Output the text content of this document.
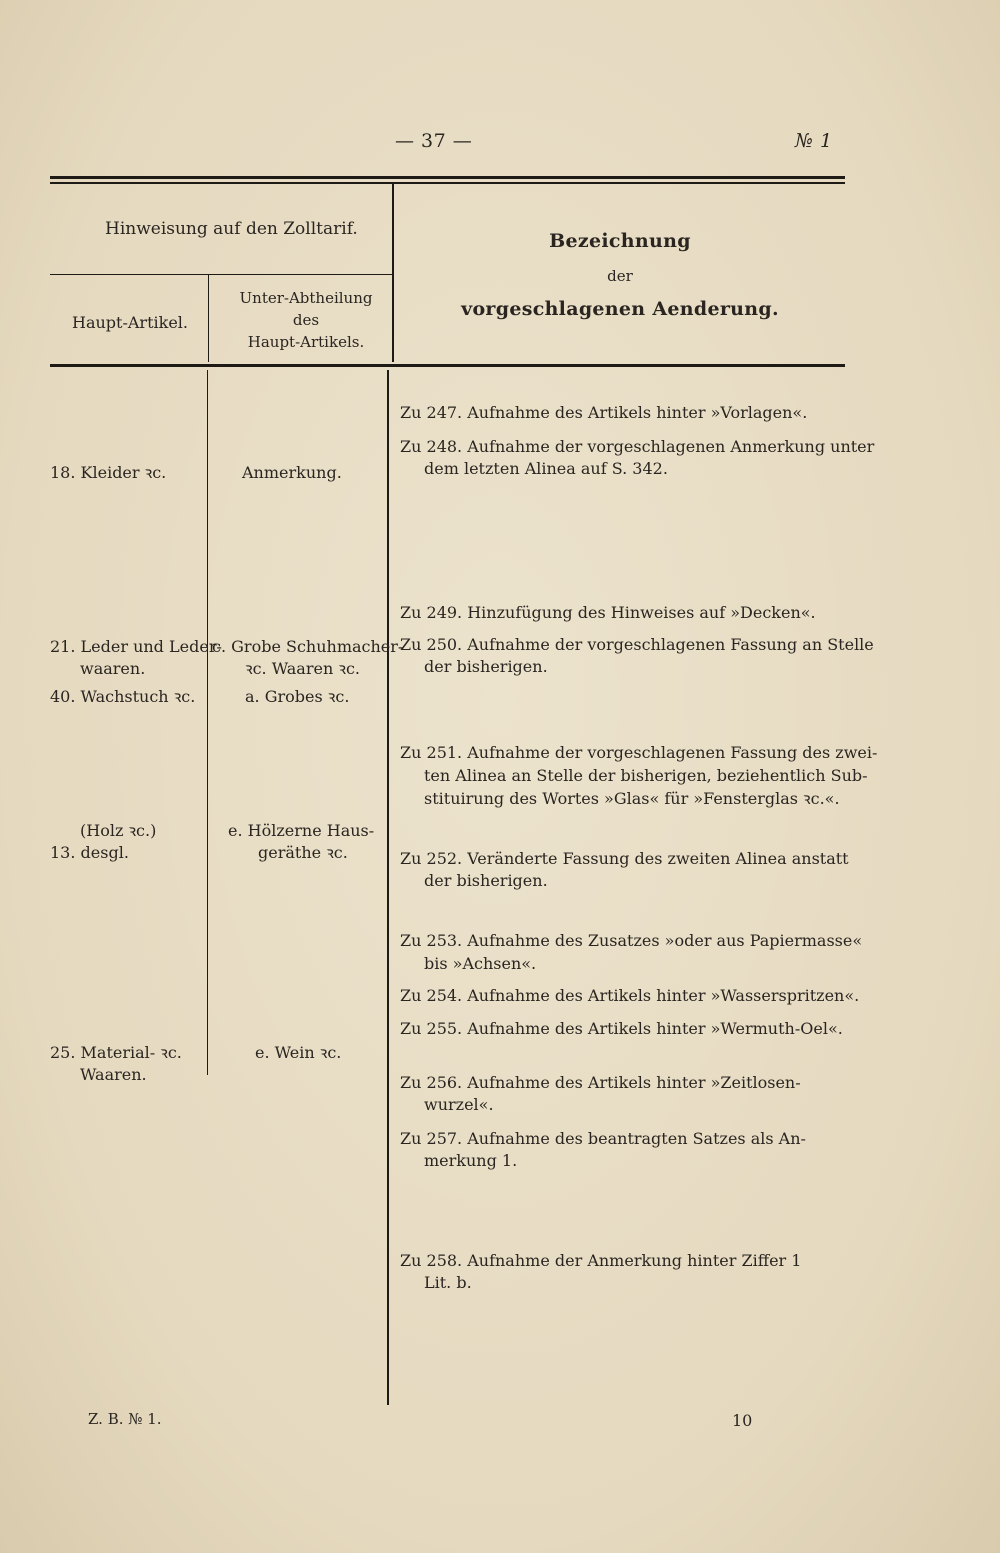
— 37 —	№ 1
Hinweisung auf den Zolltarif.
Haupt-Artikel.
Unter-Abtheilung
des
Haupt-Artikels.
Bezeichnung
der
vorgeschlagenen Aenderung.
18. Kleider ꝛc.
21. Leder und Leder-
waaren.
40. Wachstuch ꝛc.
(Holz ꝛc.)
13. desgl.
25. Material- ꝛc.
Waaren.
Anmerkung.
c. Grobe Schuhmacher-
ꝛc. Waaren ꝛc.
a. Grobes ꝛc.
e. Hölzerne Haus-
geräthe ꝛc.
e. Wein ꝛc.
Zu 247. Aufnahme des Artikels hinter »Vorlagen«.
Zu 248. Aufnahme der vorgeschlagenen Anmerkung unter
dem letzten Alinea auf S. 342.
Zu 249. Hinzufügung des Hinweises auf »Decken«.
Zu 250. Aufnahme der vorgeschlagenen Fassung an Stelle
der bisherigen.
Zu 251. Aufnahme der vorgeschlagenen Fassung des zwei-
ten Alinea an Stelle der bisherigen, beziehentlich Sub-
stituirung des Wortes »Glas« für »Fensterglas ꝛc.«.
Zu 252. Veränderte Fassung des zweiten Alinea anstatt
der bisherigen.
Zu 253. Aufnahme des Zusatzes »oder aus Papiermasse«
bis »Achsen«.
Zu 254. Aufnahme des Artikels hinter »Wasserspritzen«.
Zu 255. Aufnahme des Artikels hinter »Wermuth-Oel«.
Zu 256. Aufnahme des Artikels hinter »Zeitlosen-
wurzel«.
Zu 257. Aufnahme des beantragten Satzes als An-
merkung 1.
Zu 258. Aufnahme der Anmerkung hinter Ziffer 1
Lit. b.
Z. B. № 1.	10
